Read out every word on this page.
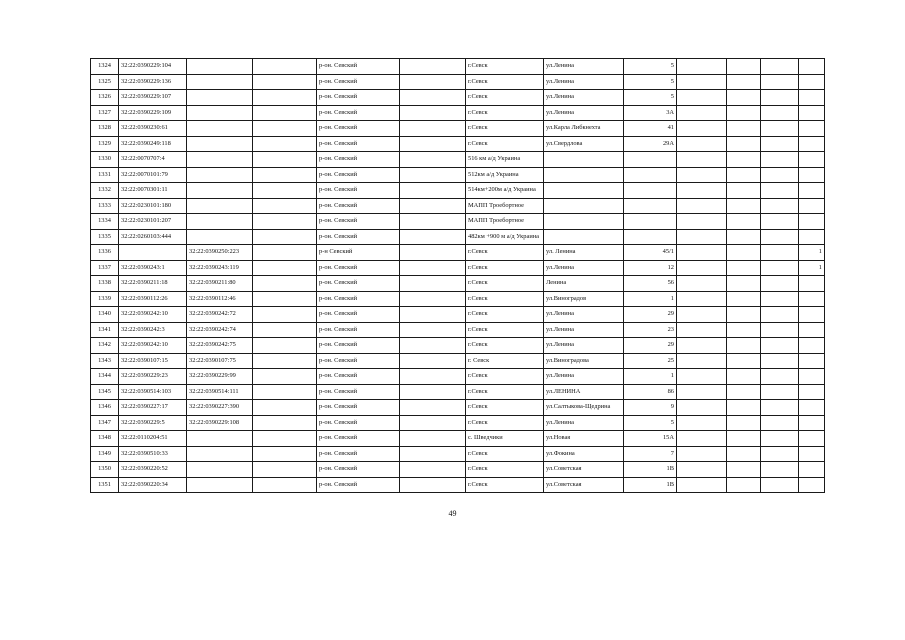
1324	32:22:0390229:104			р-он. Севский		г.Севск	ул.Ленина	5				
1325	32:22:0390229:136			р-он. Севский		г.Севск	ул.Ленина	5				
1326	32:22:0390229:107			р-он. Севский		г.Севск	ул.Ленина	5				
1327	32:22:0390229:109			р-он. Севский		г.Севск	ул.Ленина	3А				
1328	32:22:0390230:61			р-он. Севский		г.Севск	ул.Карла Либкнехта	41				
1329	32:22:0390249:118			р-он. Севский		г.Севск	ул.Свердлова	29А				
1330	32:22:0070707:4			р-он. Севский		516 км а/д Украина						
1331	32:22:0070101:79			р-он. Севский		512км а/д Украина						
1332	32:22:0070301:11			р-он. Севский		514км+200м а/д Украина						
1333	32:22:0230101:180			р-он. Севский		МАПП Троебортное						
1334	32:22:0230101:207			р-он. Севский		МАПП Троебортное						
1335	32:22:0260103:444			р-он. Севский		482км +900 м а/д Украина						
1336		32:22:0390250:223		р-н Севский		г.Севск	ул. Ленина	45/1				1
1337	32:22:0390243:1	32:22:0390243:119		р-он. Севский		г.Севск	ул.Ленина	12				1
1338	32:22:0390211:18	32:22:0390211:80		р-он. Севский		г.Севск	Ленина	56				
1339	32:22:0390112:26	32:22:0390112:46		р-он. Севский		г.Севск	ул.Виноградов	1				
1340	32:22:0390242:10	32:22:0390242:72		р-он. Севский		г.Севск	ул.Ленина	29				
1341	32:22:0390242:3	32:22:0390242:74		р-он. Севский		г.Севск	ул.Ленина	23				
1342	32:22:0390242:10	32:22:0390242:75		р-он. Севский		г.Севск	ул.Ленина	29				
1343	32:22:0390107:15	32:22:0390107:75		р-он. Севский		г. Севск	ул.Виноградова	25				
1344	32:22:0390229:23	32:22:0390229:99		р-он. Севский		г.Севск	ул.Ленина	1				
1345	32:22:0390514:103	32:22:0390514:111		р-он. Севский		г.Севск	ул.ЛЕНИНА	86				
1346	32:22:0390227:17	32:22:0390227:390		р-он. Севский		г.Севск	ул.Салтыкова-Щедрина	9				
1347	32:22:0390229:5	32:22:0390229:108		р-он. Севский		г.Севск	ул.Ленина	5				
1348	32:22:0110204:51			р-он. Севский		с. Шведчики	ул.Новая	15А				
1349	32:22:0390510:33			р-он. Севский		г.Севск	ул.Фокина	7				
1350	32:22:0390220:52			р-он. Севский		г.Севск	ул.Советская	1В				
1351	32:22:0390220:34			р-он. Севский		г.Севск	ул.Советская	1В				
49
